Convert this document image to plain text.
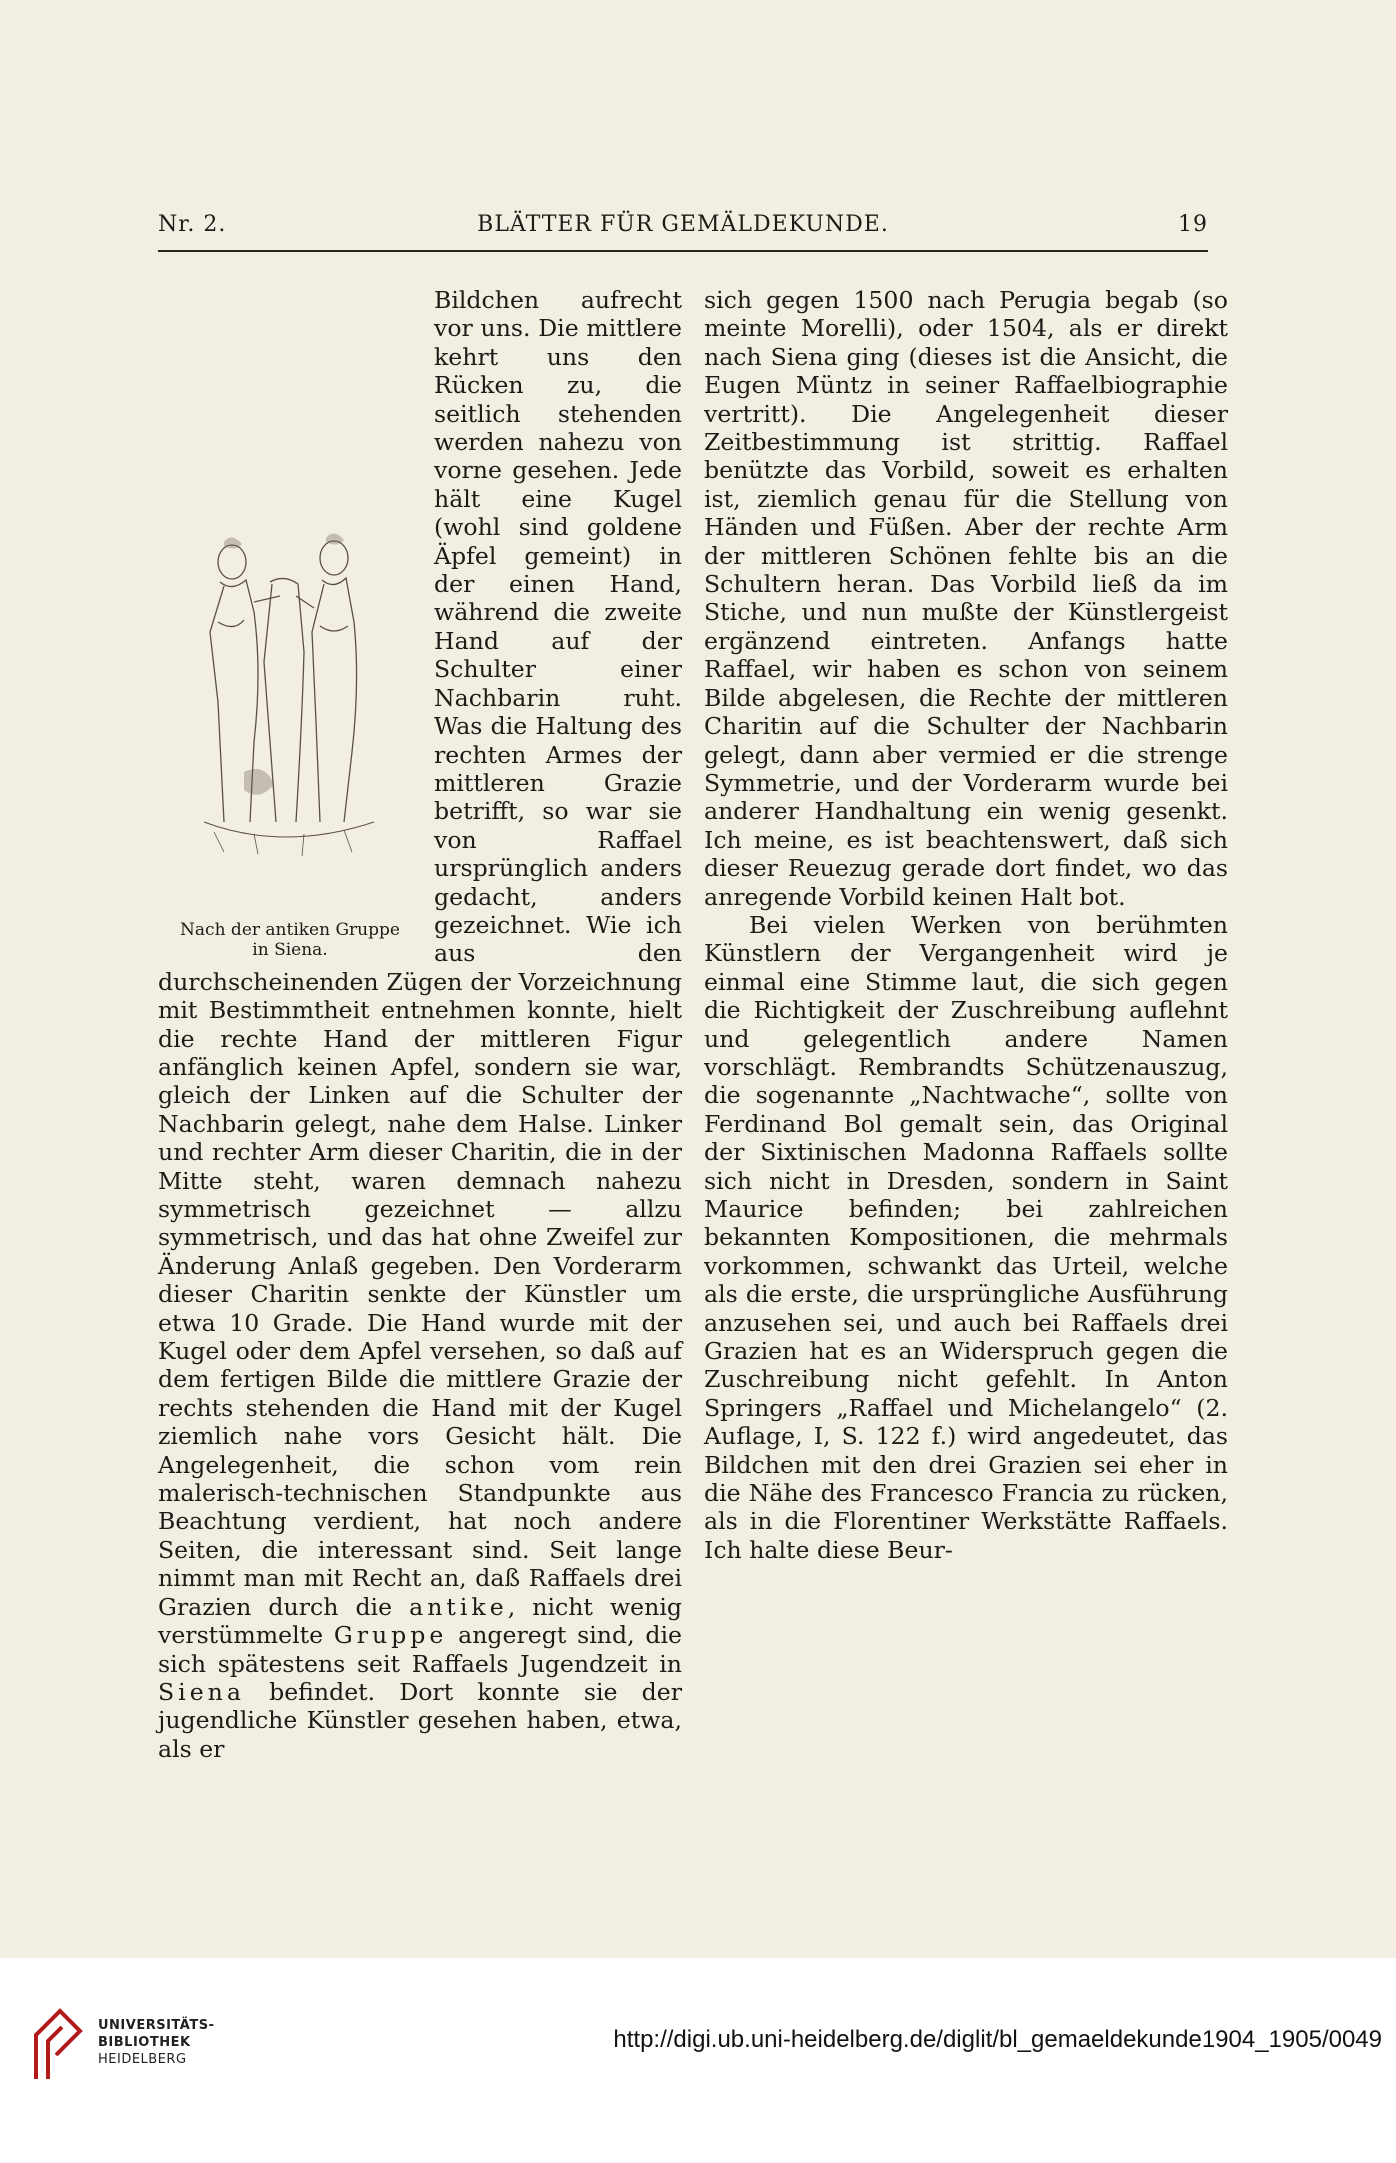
Nr. 2.	BLÄTTER FÜR GEMÄLDEKUNDE.	19

Nach der antiken Gruppe
in Siena.

Bildchen aufrecht vor uns. Die mittlere kehrt uns den Rücken zu, die seitlich stehenden werden nahezu von vorne gesehen. Jede hält eine Kugel (wohl sind goldene Äpfel gemeint) in der einen Hand, während die zweite Hand auf der Schulter einer Nachbarin ruht. Was die Haltung des rechten Armes der mittleren Grazie betrifft, so war sie von Raffael ursprünglich anders gedacht, anders gezeichnet. Wie ich aus den durchscheinenden Zügen der Vorzeichnung mit Bestimmtheit entnehmen konnte, hielt die rechte Hand der mittleren Figur anfänglich keinen Apfel, sondern sie war, gleich der Linken auf die Schulter der Nachbarin gelegt, nahe dem Halse. Linker und rechter Arm dieser Charitin, die in der Mitte steht, waren demnach nahezu symmetrisch gezeichnet — allzu symmetrisch, und das hat ohne Zweifel zur Änderung Anlaß gegeben. Den Vorderarm dieser Charitin senkte der Künstler um etwa 10 Grade. Die Hand wurde mit der Kugel oder dem Apfel versehen, so daß auf dem fertigen Bilde die mittlere Grazie der rechts stehenden die Hand mit der Kugel ziemlich nahe vors Gesicht hält. Die Angelegenheit, die schon vom rein malerisch-technischen Standpunkte aus Beachtung verdient, hat noch andere Seiten, die interessant sind. Seit lange nimmt man mit Recht an, daß Raffaels drei Grazien durch die antike, nicht wenig verstümmelte Gruppe angeregt sind, die sich spätestens seit Raffaels Jugendzeit in Siena befindet. Dort konnte sie der jugendliche Künstler gesehen haben, etwa, als er

sich gegen 1500 nach Perugia begab (so meinte Morelli), oder 1504, als er direkt nach Siena ging (dieses ist die Ansicht, die Eugen Müntz in seiner Raffaelbiographie vertritt). Die Angelegenheit dieser Zeitbestimmung ist strittig. Raffael benützte das Vorbild, soweit es erhalten ist, ziemlich genau für die Stellung von Händen und Füßen. Aber der rechte Arm der mittleren Schönen fehlte bis an die Schultern heran. Das Vorbild ließ da im Stiche, und nun mußte der Künstlergeist ergänzend eintreten. Anfangs hatte Raffael, wir haben es schon von seinem Bilde abgelesen, die Rechte der mittleren Charitin auf die Schulter der Nachbarin gelegt, dann aber vermied er die strenge Symmetrie, und der Vorderarm wurde bei anderer Handhaltung ein wenig gesenkt. Ich meine, es ist beachtenswert, daß sich dieser Reuezug gerade dort findet, wo das anregende Vorbild keinen Halt bot.

Bei vielen Werken von berühmten Künstlern der Vergangenheit wird je einmal eine Stimme laut, die sich gegen die Richtigkeit der Zuschreibung auflehnt und gelegentlich andere Namen vorschlägt. Rembrandts Schützenauszug, die sogenannte „Nachtwache“, sollte von Ferdinand Bol gemalt sein, das Original der Sixtinischen Madonna Raffaels sollte sich nicht in Dresden, sondern in Saint Maurice befinden; bei zahlreichen bekannten Kompositionen, die mehrmals vorkommen, schwankt das Urteil, welche als die erste, die ursprüngliche Ausführung anzusehen sei, und auch bei Raffaels drei Grazien hat es an Widerspruch gegen die Zuschreibung nicht gefehlt. In Anton Springers „Raffael und Michelangelo“ (2. Auflage, I, S. 122 f.) wird angedeutet, das Bildchen mit den drei Grazien sei eher in die Nähe des Francesco Francia zu rücken, als in die Florentiner Werkstätte Raffaels. Ich halte diese Beur-

UNIVERSITÄTS-
BIBLIOTHEK
HEIDELBERG
http://digi.ub.uni-heidelberg.de/diglit/bl_gemaeldekunde1904_1905/0049
